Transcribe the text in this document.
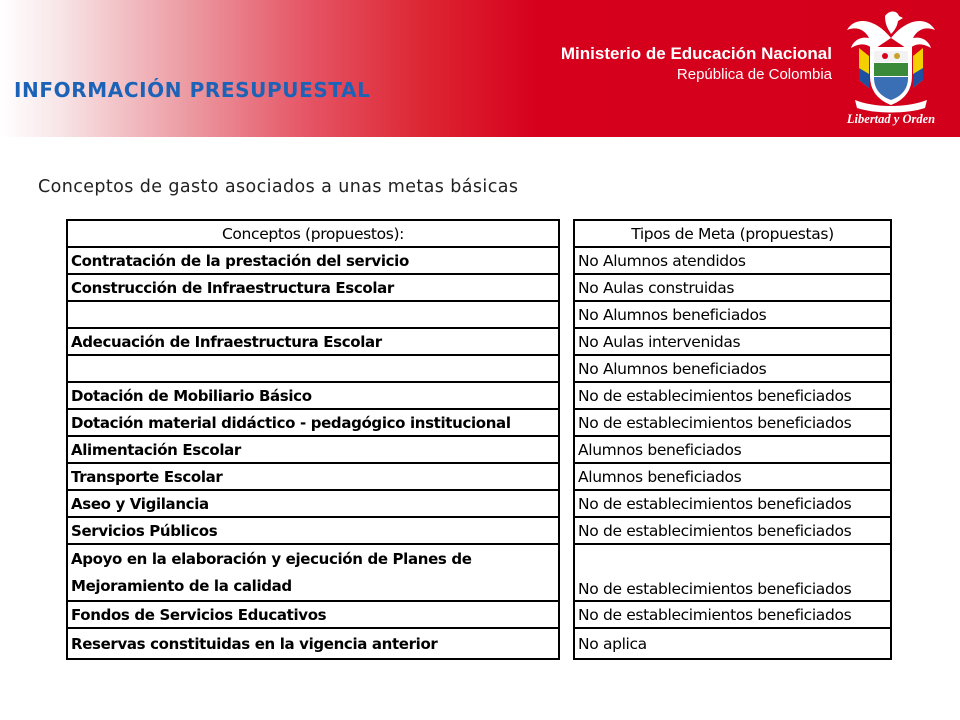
INFORMACIÓN PRESUPUESTAL
Ministerio de Educación Nacional
República de Colombia
Libertad y Orden
Conceptos de gasto asociados a unas metas básicas
Conceptos (propuestos):
Contratación de la prestación del servicio
Construcción de Infraestructura Escolar
Adecuación de Infraestructura Escolar
Dotación de Mobiliario Básico
Dotación material didáctico - pedagógico institucional
Alimentación Escolar
Transporte Escolar
Aseo y Vigilancia
Servicios Públicos
Apoyo en la elaboración y ejecución de Planes de
Mejoramiento de la calidad
Fondos de Servicios Educativos
Reservas constituidas en la vigencia anterior
Tipos de Meta (propuestas)
No Alumnos atendidos
No Aulas construidas
No Alumnos beneficiados
No Aulas intervenidas
No Alumnos beneficiados
No de establecimientos beneficiados
No de establecimientos beneficiados
Alumnos beneficiados
Alumnos beneficiados
No de establecimientos beneficiados
No de establecimientos beneficiados
No de establecimientos beneficiados
No de establecimientos beneficiados
No aplica
